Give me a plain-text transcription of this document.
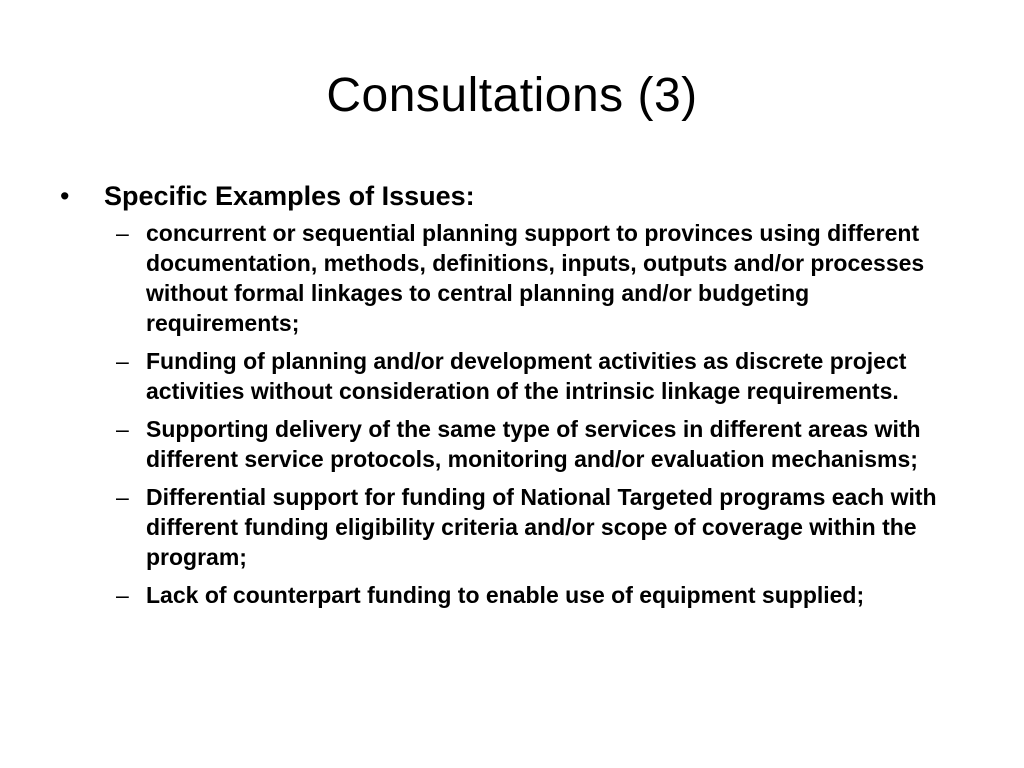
Consultations (3)
•	Specific Examples of Issues:
– concurrent or sequential planning support to provinces using different documentation, methods, definitions, inputs, outputs and/or processes without formal linkages to central planning and/or budgeting requirements;
– Funding of planning and/or development activities as discrete project activities without consideration of the intrinsic linkage requirements.
– Supporting delivery of the same type of services in different areas with different service protocols, monitoring and/or evaluation mechanisms;
– Differential support for funding of National Targeted programs each with different funding eligibility criteria and/or scope of coverage within the program;
– Lack of counterpart funding to enable use of equipment supplied;
